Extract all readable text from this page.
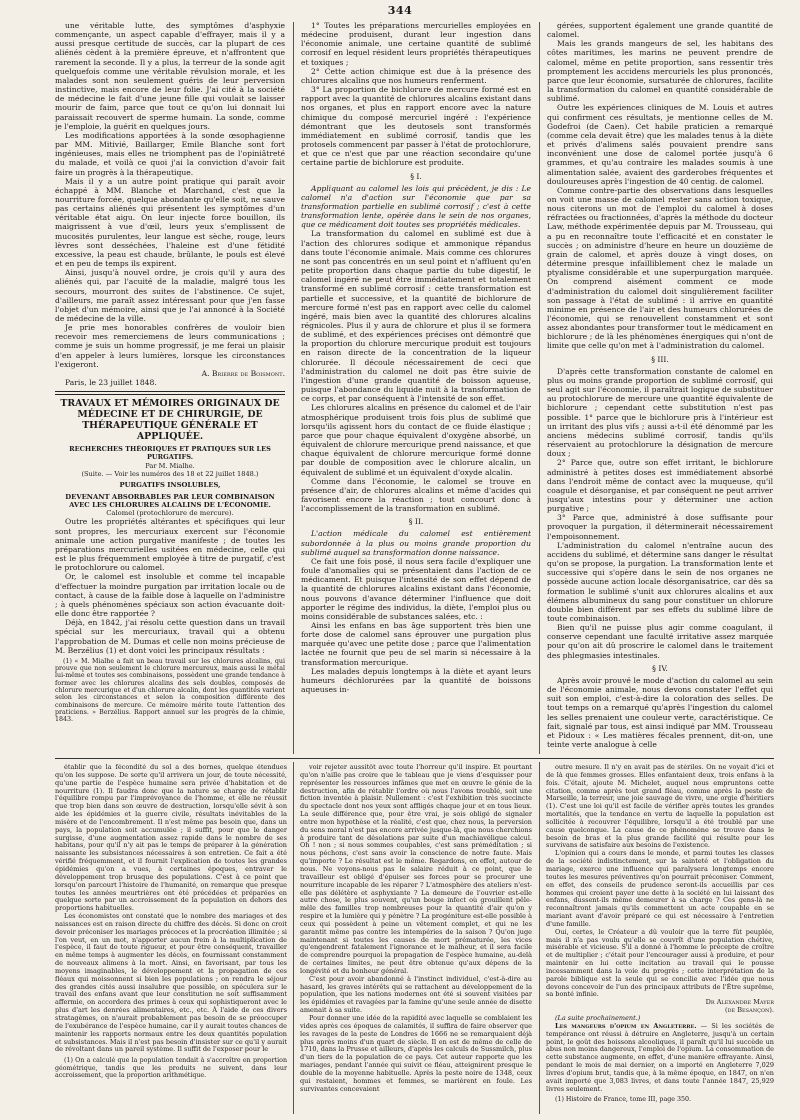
344

une véritable lutte, des symptômes d'asphyxie commençante, un aspect capable d'effrayer, mais il y a aussi presque certitude de succès, car la plupart de ces aliénés cèdent à la première épreuve, et n'affrontent que rarement la seconde. Il y a plus, la terreur de la sonde agit quelquefois comme une véritable révulsion morale, et les malades sont non seulement guéris de leur perversion instinctive, mais encore de leur folie. J'ai cité à la société de médecine le fait d'une jeune fille qui voulait se laisser mourir de faim, parce que tout ce qu'on lui donnait lui paraissait recouvert de sperme humain. La sonde, comme je l'emploie, la guérit en quelques jours.

Les modifications apportées à la sonde œsophagienne par MM. Mitivié, Baillarger, Emile Blanche sont fort ingénieuses, mais elles ne triomphent pas de l'opiniâtreté du malade, et voilà ce quoi j'ai la conviction d'avoir fait faire un progrès à la thérapeutique.

Mais il y a un autre point pratique qui paraît avoir échappé à MM. Blanche et Marchand, c'est que la nourriture forcée, quelque abondante qu'elle soit, ne sauve pas certains aliénés qui présentent les symptômes d'un véritable état aigu. On leur injecte force bouillon, ils maigrissent à vue d'œil, leurs yeux s'emplissent de mucosités purulentes, leur langue est sèche, rouge, leurs lèvres sont desséchées, l'haleine est d'une fétidité excessive, la peau est chaude, brûlante, le pouls est élevé et en peu de temps ils expirent.

Ainsi, jusqu'à nouvel ordre, je crois qu'il y aura des aliénés qui, par l'acuité de la maladie, malgré tous les secours, mourront des suites de l'abstinence. Ce sujet, d'ailleurs, me paraît assez intéressant pour que j'en fasse l'objet d'un mémoire, ainsi que je l'ai annoncé à la Société de médecine de la ville.

Je prie mes honorables confrères de vouloir bien recevoir mes remerciemens de leurs communications ; comme je suis un homme progressif, je me ferai un plaisir d'en appeler à leurs lumières, lorsque les circonstances l'exigeront.

A. Brierre de Boismont.

Paris, le 23 juillet 1848.

TRAVAUX ET MÉMOIRES ORIGINAUX DE MÉDECINE ET DE CHIRURGIE, DE THÉRAPEUTIQUE GÉNÉRALE ET APPLIQUÉE.
RECHERCHES THÉORIQUES ET PRATIQUES SUR LES PURGATIFS.
Par M. Mialhe.
(Suite. — Voir les numéros des 18 et 22 juillet 1848.)
PURGATIFS INSOLUBLES,
DEVENANT ABSORBABLES PAR LEUR COMBINAISON AVEC LES CHLORURES ALCALINS DE L'ÉCONOMIE.
Calomel (protochlorure de mercure).

Outre les propriétés altérantes et spécifiques qui leur sont propres, les mercuriaux exercent sur l'économie animale une action purgative manifeste ; de toutes les préparations mercurielles usitées en médecine, celle qui est le plus fréquemment employée à titre de purgatif, c'est le protochlorure ou calomel.

Or, le calomel est insoluble et comme tel incapable d'effectuer la moindre purgation par irritation locale ou de contact, à cause de la faible dose à laquelle on l'administre ; à quels phénomènes spéciaux son action évacuante doit-elle donc être rapportée ?

Déjà, en 1842, j'ai résolu cette question dans un travail spécial sur les mercuriaux, travail qui a obtenu l'approbation de M. Dumas et celle non moins précieuse de M. Berzélius (1) et dont voici les principaux résultats :

(1) « M. Mialhe a fait un beau travail sur les chlorures alcalins, qui prouve que non seulement le chlorure mercureux, mais aussi le métal lui-même et toutes ses combinaisons, possèdent une grande tendance à former avec les chlorures alcalins des sels doubles, composés de chlorure mercurique et d'un chlorure alcalin, dont les quantités varient selon les circonstances et selon la composition différente des combinaisons de mercure. Ce mémoire mérite toute l'attention des praticiens. » Berzélius. Rapport annuel sur les progrès de la chimie, 1843.

1° Toutes les préparations mercurielles employées en médecine produisent, durant leur ingestion dans l'économie animale, une certaine quantité de sublimé corrosif en lequel résident leurs propriétés thérapeutiques et toxiques ;

2° Cette action chimique est due à la présence des chlorures alcalins que nos humeurs renferment.

3° La proportion de bichlorure de mercure formé est en rapport avec la quantité de chlorures alcalins existant dans nos organes, et plus en rapport encore avec la nature chimique du composé mercuriel ingéré : l'expérience démontrant que les deutosels sont transformés immédiatement en sublimé corrosif, tandis que les protosels commencent par passer à l'état de protochlorure, et que ce n'est que par une réaction secondaire qu'une certaine partie de bichlorure est produite.

§ I.

Appliquant au calomel les lois qui précèdent, je dis : Le calomel n'a d'action sur l'économie que par sa transformation partielle en sublimé corrosif ; c'est à cette transformation lente, opérée dans le sein de nos organes, que ce médicament doit toutes ses propriétés médicales.

La transformation du calomel en sublimé est due à l'action des chlorures sodique et ammonique répandus dans toute l'économie animale. Mais comme ces chlorures ne sont pas concentrés en un seul point et n'affluent qu'en petite proportion dans chaque partie du tube digestif, le calomel ingéré ne peut être immédiatement et totalement transformé en sublimé corrosif : cette transformation est partielle et successive, et la quantité de bichlorure de mercure formé n'est pas en rapport avec celle du calomel ingéré, mais bien avec la quantité des chlorures alcalins régnicoles. Plus il y aura de chlorure et plus il se formera de sublimé, et des expériences précises ont démontré que la proportion du chlorure mercurique produit est toujours en raison directe de la concentration de la liqueur chlorurée. Il découle nécessairement de ceci que l'administration du calomel ne doit pas être suivie de l'ingestion d'une grande quantité de boisson aqueuse, puisque l'abondance du liquide nuit à la transformation de ce corps, et par conséquent à l'intensité de son effet.

Les chlorures alcalins en présence du calomel et de l'air atmosphérique produisent trois fois plus de sublimé que lorsqu'ils agissent hors du contact de ce fluide élastique ; parce que pour chaque équivalent d'oxygène absorbé, un équivalent de chlorure mercurique prend naissance, et que chaque équivalent de chlorure mercurique formé donne par double de composition avec le chlorure alcalin, un équivalent de sublimé et un équivalent d'oxyde alcalin.

Comme dans l'économie, le calomel se trouve en présence d'air, de chlorures alcalins et même d'acides qui favorisent encore la réaction ; tout concourt donc à l'accomplissement de la transformation en sublimé.

§ II.

L'action médicale du calomel est entièrement subordonnée à la plus ou moins grande proportion du sublimé auquel sa transformation donne naissance.

Ce fait une fois posé, il nous sera facile d'expliquer une foule d'anomalies qui se présentaient dans l'action de ce médicament. Et puisque l'intensité de son effet dépend de la quantité de chlorures alcalins existant dans l'économie, nous pouvons d'avance déterminer l'influence que doit apporter le régime des individus, la diète, l'emploi plus ou moins considérable de substances salées, etc. :

Ainsi les enfans en bas âge supportent très bien une forte dose de calomel sans éprouver une purgation plus marquée qu'avec une petite dose ; parce que l'alimentation lactée ne fournit que peu de sel marin si nécessaire à la transformation mercurique.

Les malades depuis longtemps à la diète et ayant leurs humeurs déchlorurées par la quantité de boissons aqueuses in-

gérées, supportent également une grande quantité de calomel.

Mais les grands mangeurs de sel, les habitans des côtes maritimes, les marins ne peuvent prendre de calomel, même en petite proportion, sans ressentir très promptement les accidens mercuriels les plus prononcés, parce que leur économie, sursaturée de chlorures, facilite la transformation du calomel en quantité considérable de sublimé.

Outre les expériences cliniques de M. Louis et autres qui confirment ces résultats, je mentionne celles de M. Godefroi (de Caen). Cet habile praticien a remarqué (comme cela devait être) que les malades tenus à la diète et privés d'alimens salés pouvaient prendre sans inconvénient une dose de calomel portée jusqu'à 6 grammes, et qu'au contraire les malades soumis à une alimentation salée, avaient des garderobes fréquentes et douloureuses après l'ingestion de 40 centig. de calomel.

Comme contre-partie des observations dans lesquelles on voit une masse de calomel rester sans action toxique, nous citerons un mot de l'emploi du calomel à doses réfractées ou fractionnées, d'après la méthode du docteur Law, méthode expérimentée depuis par M. Trousseau, qui a pu en reconnaître toute l'efficacité et en constater le succès ; on administre d'heure en heure un douzième de grain de calomel, et après douze à vingt doses, on détermine presque infailliblement chez le malade un ptyalisme considérable et une superpurgation marquée. On comprend aisément comment ce mode d'administration du calomel doit singulièrement faciliter son passage à l'état de sublimé : il arrive en quantité minime en présence de l'air et des humeurs chlorurées de l'économie, qui se renouvellent constamment et sont assez abondantes pour transformer tout le médicament en bichlorure ; de là les phénomènes énergiques qui n'ont de limite que celle qu'on met à l'administration du calomel.

§ III.

D'après cette transformation constante de calomel en plus ou moins grande proportion de sublimé corrosif, qui seul agit sur l'économie, il paraîtrait logique de substituer au protochlorure de mercure une quantité équivalente de bichlorure ; cependant cette substitution n'est pas possible. 1° parce que le bichlorure pris à l'intérieur est un irritant des plus vifs ; aussi a-t-il été dénommé par les anciens médecins sublimé corrosif, tandis qu'ils réservaient au protochlorure la désignation de mercure doux ;

2° Parce que, outre son effet irritant, le bichlorure administré à petites doses est immédiatement absorbé dans l'endroit même de contact avec la muqueuse, qu'il coagule et désorganise, et par conséquent ne peut arriver jusqu'aux intestins pour y déterminer une action purgative ;

3° Parce que, administré à dose suffisante pour provoquer la purgation, il déterminerait nécessairement l'empoisonnement.

L'administration du calomel n'entraîne aucun des accidens du sublimé, et détermine sans danger le résultat qu'on se propose, la purgation. La transformation lente et successive qui s'opère dans le sein de nos organes ne possède aucune action locale désorganisatrice, car dès sa formation le sublimé s'unit aux chlorures alcalins et aux élémens albumineux du sang pour constituer un chlorure double bien différent par ses effets du sublimé libre de toute combinaison.

Bien qu'il ne puisse plus agir comme coagulant, il conserve cependant une faculté irritative assez marquée pour qu'on ait dû proscrire le calomel dans le traitement des phlegmasies intestinales.

§ IV.

Après avoir prouvé le mode d'action du calomel au sein de l'économie animale, nous devons constater l'effet qui suit son emploi, c'est-à-dire la coloration des selles. De tout temps on a remarqué qu'après l'ingestion du calomel les selles prenaient une couleur verte, caractéristique. Ce fait, signalé par tous, est ainsi indiqué par MM. Trousseau et Pidoux : « Les matières fécales prennent, dit-on, une teinte verte analogue à celle

établir que la fécondité du sol a des bornes, quelque étendues qu'on les suppose. De sorte qu'il arrivera un jour, de toute nécessité, qu'une partie de l'espèce humaine sera privée d'habitation et de nourriture (1). Il faudra donc que la nature se charge de rétablir l'équilibre rompu par l'imprévoyance de l'homme, et elle ne réussit que trop bien dans son œuvre de destruction, lorsqu'elle sévit à son aide les épidémies et la guerre civile, résultats inévitables de la misère et de l'encombrement. Il n'est même pas besoin que, dans un pays, la population soit accumulée ; il suffit, pour que le danger surgisse, d'une augmentation assez rapide dans le nombre de ses habitans, pour qu'il n'y ait pas le temps de préparer à la génération naissante les subsistances nécessaires à son entretien. Ce fait a été vérifié fréquemment, et il fournit l'explication de toutes les grandes épidémies qu'on a vues, à certaines époques, entraver le développement trop brusque des populations. C'est à ce point que lorsqu'on parcourt l'histoire de l'humanité, on remarque que presque toutes les années meurtrières ont été précédées et préparées en quelque sorte par un accroissement de la population en dehors des proportions habituelles.

Les économistes ont constaté que le nombre des mariages et des naissances est en raison directe du chiffre des décès. Si donc on croit devoir préconiser les mariages précoces et la procréation illimitée ; si l'on veut, en un mot, n'apporter aucun frein à la multiplication de l'espèce, il faut de toute rigueur, et pour être conséquent, travailler en même temps à augmenter les décès, en fournissant constamment de nouveaux alimens à la mort. Ainsi, en favorisant, par tous les moyens imaginables, le développement et la propagation de ces fléaux qui moissonnent si bien les populations ; on rendra le séjour des grandes cités aussi insalubre que possible, on spéculera sur le travail des enfans avant que leur constitution ne soit suffisamment affermie, on accordera des primes à ceux qui sophistiqueront avec le plus d'art les denrées alimentaires, etc., etc. À l'aide de ces divers stratagèmes, on n'aurait probablement pas besoin de se préoccuper de l'exubérance de l'espèce humaine, car il y aurait toutes chances de maintenir les rapports normaux entre les deux quantités population et subsistances. Mais il n'est pas besoin d'insister sur ce qu'il y aurait de révoltant dans un pareil système. Il suffit de l'exposer pour le

(1) On a calculé que la population tendait à s'accroître en proportion géométrique, tandis que les produits ne suivent, dans leur accroissement, que la proportion arithmétique.

voir rejeter aussitôt avec toute l'horreur qu'il inspire. Et pourtant qu'on n'aille pas croire que le tableau que je viens d'esquisser pour représenter les ressources infâmes que met en œuvre le génie de la destruction, afin de rétablir l'ordre où nous l'avons troublé, soit une fiction inventée à plaisir. Nullement : c'est l'exhibition très succincte du spectacle dont nos yeux sont affligés chaque jour et en tous lieux. La seule différence que, pour être vrai, je sois obligé de signaler entre mon hypothèse et la réalité, c'est que, chez nous, la perversion du sens moral n'est pas encore arrivée jusque-là, que nous cherchions à produire tant de désolations par suite d'un machiavélique calcul. Oh ! non ; si nous sommes coupables, c'est sans préméditation ; si nous péchons, c'est sans avoir la conscience de notre faute. Mais qu'importe ? Le résultat est le même. Regardons, en effet, autour de nous. Ne voyons-nous pas le salaire réduit à ce point, que le travailleur est obligé d'épuiser ses forces pour se procurer une nourriture incapable de les réparer ? L'atmosphère des ateliers n'est-elle pas délétère et asphyxiante ? La demeure de l'ouvrier est-elle autre chose, le plus souvent, qu'un bouge infect où grouillent pêle-mêle des familles trop nombreuses pour la quantité d'air qu'on y respire et la lumière qui y pénètre ? La progéniture est-elle possible à ceux qui possèdent à peine un vêtement complet, et qui ne les garantit même pas contre les intempéries de la saison ? Qu'on juge maintenant si toutes les causes de mort prématurée, les vices qu'engendrent fatalement l'ignorance et le malheur, et il sera facile de comprendre pourquoi la propagation de l'espèce humaine, au-delà de certaines limites, ne peut être obtenue qu'aux dépens de la longévité et du bonheur général.

C'est pour avoir abandonné à l'instinct individuel, c'est-à-dire au hasard, les graves intérêts qui se rattachent au développement de la population, que les nations modernes ont été si souvent visitées par les épidémies et ravagées par la famine qu'une seule année de disette amenait à sa suite.

Pour donner une idée de la rapidité avec laquelle se comblaient les vides après ces époques de calamités, il suffira de faire observer que les ravages de la peste de Londres de 1666 ne se remarquaient déjà plus après moins d'un quart de siècle. Il en est de même de celle de 1710, dans la Prusse et ailleurs, d'après les calculs de Sussmilch, plus d'un tiers de la population de ce pays. Cet auteur rapporte que les mariages, pendant l'année qui suivit ce fléau, atteignirent presque le double de la moyenne habituelle. Après la peste noire de 1348, ceux qui restaient, hommes et femmes, se marièrent en foule. Les survivantes concevaient

outre mesure. Il n'y en avait pas de stériles. On ne voyait d'ici et de là que femmes grosses. Elles enfantaient deux, trois enfans à la fois. C'était, ajoute M. Michelet, auquel nous empruntons cette citation, comme après tout grand fléau, comme après la peste de Marseille, la terreur, une joie sauvage de vivre, une orgie d'héritiers (1). C'est une loi qu'il est facile de vérifier après toutes les grandes mortalités, que la tendance en vertu de laquelle la population est sollicitée à recouvrer l'équilibre, lorsqu'il a été troublé par une cause quelconque. La cause de ce phénomène se trouve dans le besoin de bras et la plus grande facilité qui résulte pour les survivans de satisfaire aux besoins de l'existence.

L'opinion qui a cours dans le monde, et parmi toutes les classes de la société indistinctement, sur la sainteté et l'obligation du mariage, exerce une influence qui paralysera longtemps encore toutes les mesures préventives qu'on pourrait préconiser. Comment, en effet, des conseils de prudence seront-ils accueillis par ces hommes qui croient payer une dette à la société en lui laissant des enfans, dussent-ils même demeurer à sa charge ? Ces gens-là ne reconnaîtront jamais qu'ils commettent un acte coupable en se mariant avant d'avoir préparé ce qui est nécessaire à l'entretien d'une famille.

Oui, certes, le Créateur a dû vouloir que la terre fût peuplée, mais il n'a pas voulu qu'elle se couvrît d'une population chétive, misérable et vicieuse. S'il a donné à l'homme le précepte de croître et de multiplier ; c'était pour l'encourager aussi à produire, et pour maintenir en lui cette incitation au travail qui le pousse incessamment dans la voie du progrès ; cette interprétation de la parole biblique est la seule qui se concilie avec l'idée que nous devons concevoir de l'un des principaux attributs de l'Être suprême, sa bonté infinie.

Dr Alexandre Mayer

(de Besançon).

(La suite prochainement.)

Les mangeurs d'opium en Angleterre. — Si les sociétés de tempérance ont réussi à détruire en Angleterre, jusqu'à un certain point, le goût des boissons alcooliques, il paraît qu'il lui succède un abus non moins dangereux, l'emploi de l'opium. La consommation de cette substance augmente, en effet, d'une manière effrayante. Ainsi, pendant le mois de mai dernier, on a importé en Angleterre 7,029 livres d'opium brut, tandis que, à la même époque, en 1847, on n'en avait importé que 3,083 livres, et dans toute l'année 1847, 25,929 livres seulement.

(1) Histoire de France, tome III, page 350.
